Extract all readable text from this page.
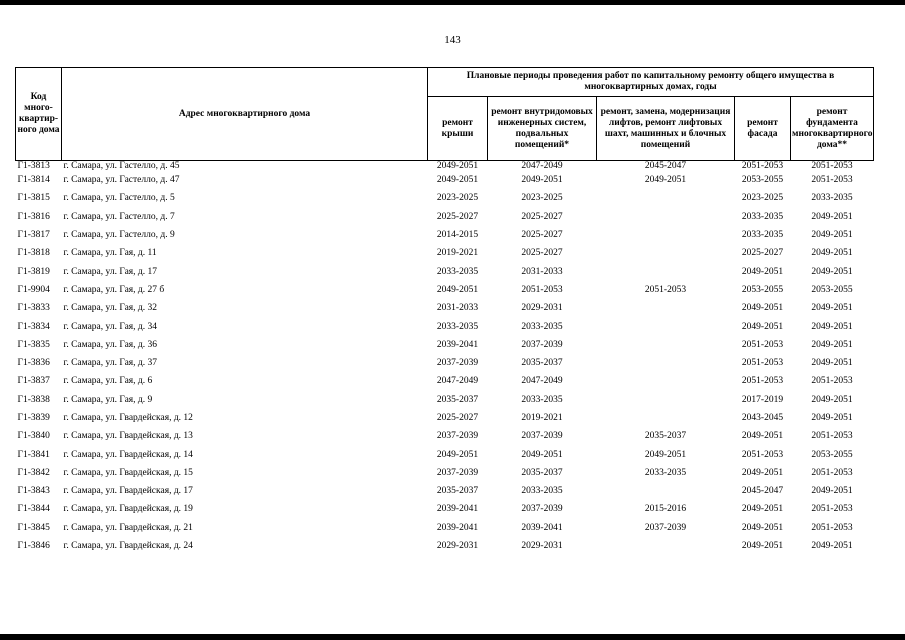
143
Код много-квартир-ного дома	Адрес многоквартирного дома	Плановые периоды проведения работ по капитальному ремонту общего имущества в многоквартирных домах, годы				
		ремонт крыши	ремонт внутридомовых инженерных систем, подвальных помещений*	ремонт, замена, модернизация лифтов, ремонт лифтовых шахт, машинных и блочных помещений	ремонт фасада	ремонт фундамента многоквартирного дома**
Г1-3813	г. Самара, ул. Гастелло, д. 45	2049-2051	2047-2049	2045-2047	2051-2053	2051-2053
Г1-3814	г. Самара, ул. Гастелло, д. 47	2049-2051	2049-2051	2049-2051	2053-2055	2051-2053
Г1-3815	г. Самара, ул. Гастелло, д. 5	2023-2025	2023-2025		2023-2025	2033-2035
Г1-3816	г. Самара, ул. Гастелло, д. 7	2025-2027	2025-2027		2033-2035	2049-2051
Г1-3817	г. Самара, ул. Гастелло, д. 9	2014-2015	2025-2027		2033-2035	2049-2051
Г1-3818	г. Самара, ул. Гая, д. 11	2019-2021	2025-2027		2025-2027	2049-2051
Г1-3819	г. Самара, ул. Гая, д. 17	2033-2035	2031-2033		2049-2051	2049-2051
Г1-9904	г. Самара, ул. Гая, д. 27 б	2049-2051	2051-2053	2051-2053	2053-2055	2053-2055
Г1-3833	г. Самара, ул. Гая, д. 32	2031-2033	2029-2031		2049-2051	2049-2051
Г1-3834	г. Самара, ул. Гая, д. 34	2033-2035	2033-2035		2049-2051	2049-2051
Г1-3835	г. Самара, ул. Гая, д. 36	2039-2041	2037-2039		2051-2053	2049-2051
Г1-3836	г. Самара, ул. Гая, д. 37	2037-2039	2035-2037		2051-2053	2049-2051
Г1-3837	г. Самара, ул. Гая, д. 6	2047-2049	2047-2049		2051-2053	2051-2053
Г1-3838	г. Самара, ул. Гая, д. 9	2035-2037	2033-2035		2017-2019	2049-2051
Г1-3839	г. Самара, ул. Гвардейская, д. 12	2025-2027	2019-2021		2043-2045	2049-2051
Г1-3840	г. Самара, ул. Гвардейская, д. 13	2037-2039	2037-2039	2035-2037	2049-2051	2051-2053
Г1-3841	г. Самара, ул. Гвардейская, д. 14	2049-2051	2049-2051	2049-2051	2051-2053	2053-2055
Г1-3842	г. Самара, ул. Гвардейская, д. 15	2037-2039	2035-2037	2033-2035	2049-2051	2051-2053
Г1-3843	г. Самара, ул. Гвардейская, д. 17	2035-2037	2033-2035		2045-2047	2049-2051
Г1-3844	г. Самара, ул. Гвардейская, д. 19	2039-2041	2037-2039	2015-2016	2049-2051	2051-2053
Г1-3845	г. Самара, ул. Гвардейская, д. 21	2039-2041	2039-2041	2037-2039	2049-2051	2051-2053
Г1-3846	г. Самара, ул. Гвардейская, д. 24	2029-2031	2029-2031		2049-2051	2049-2051
